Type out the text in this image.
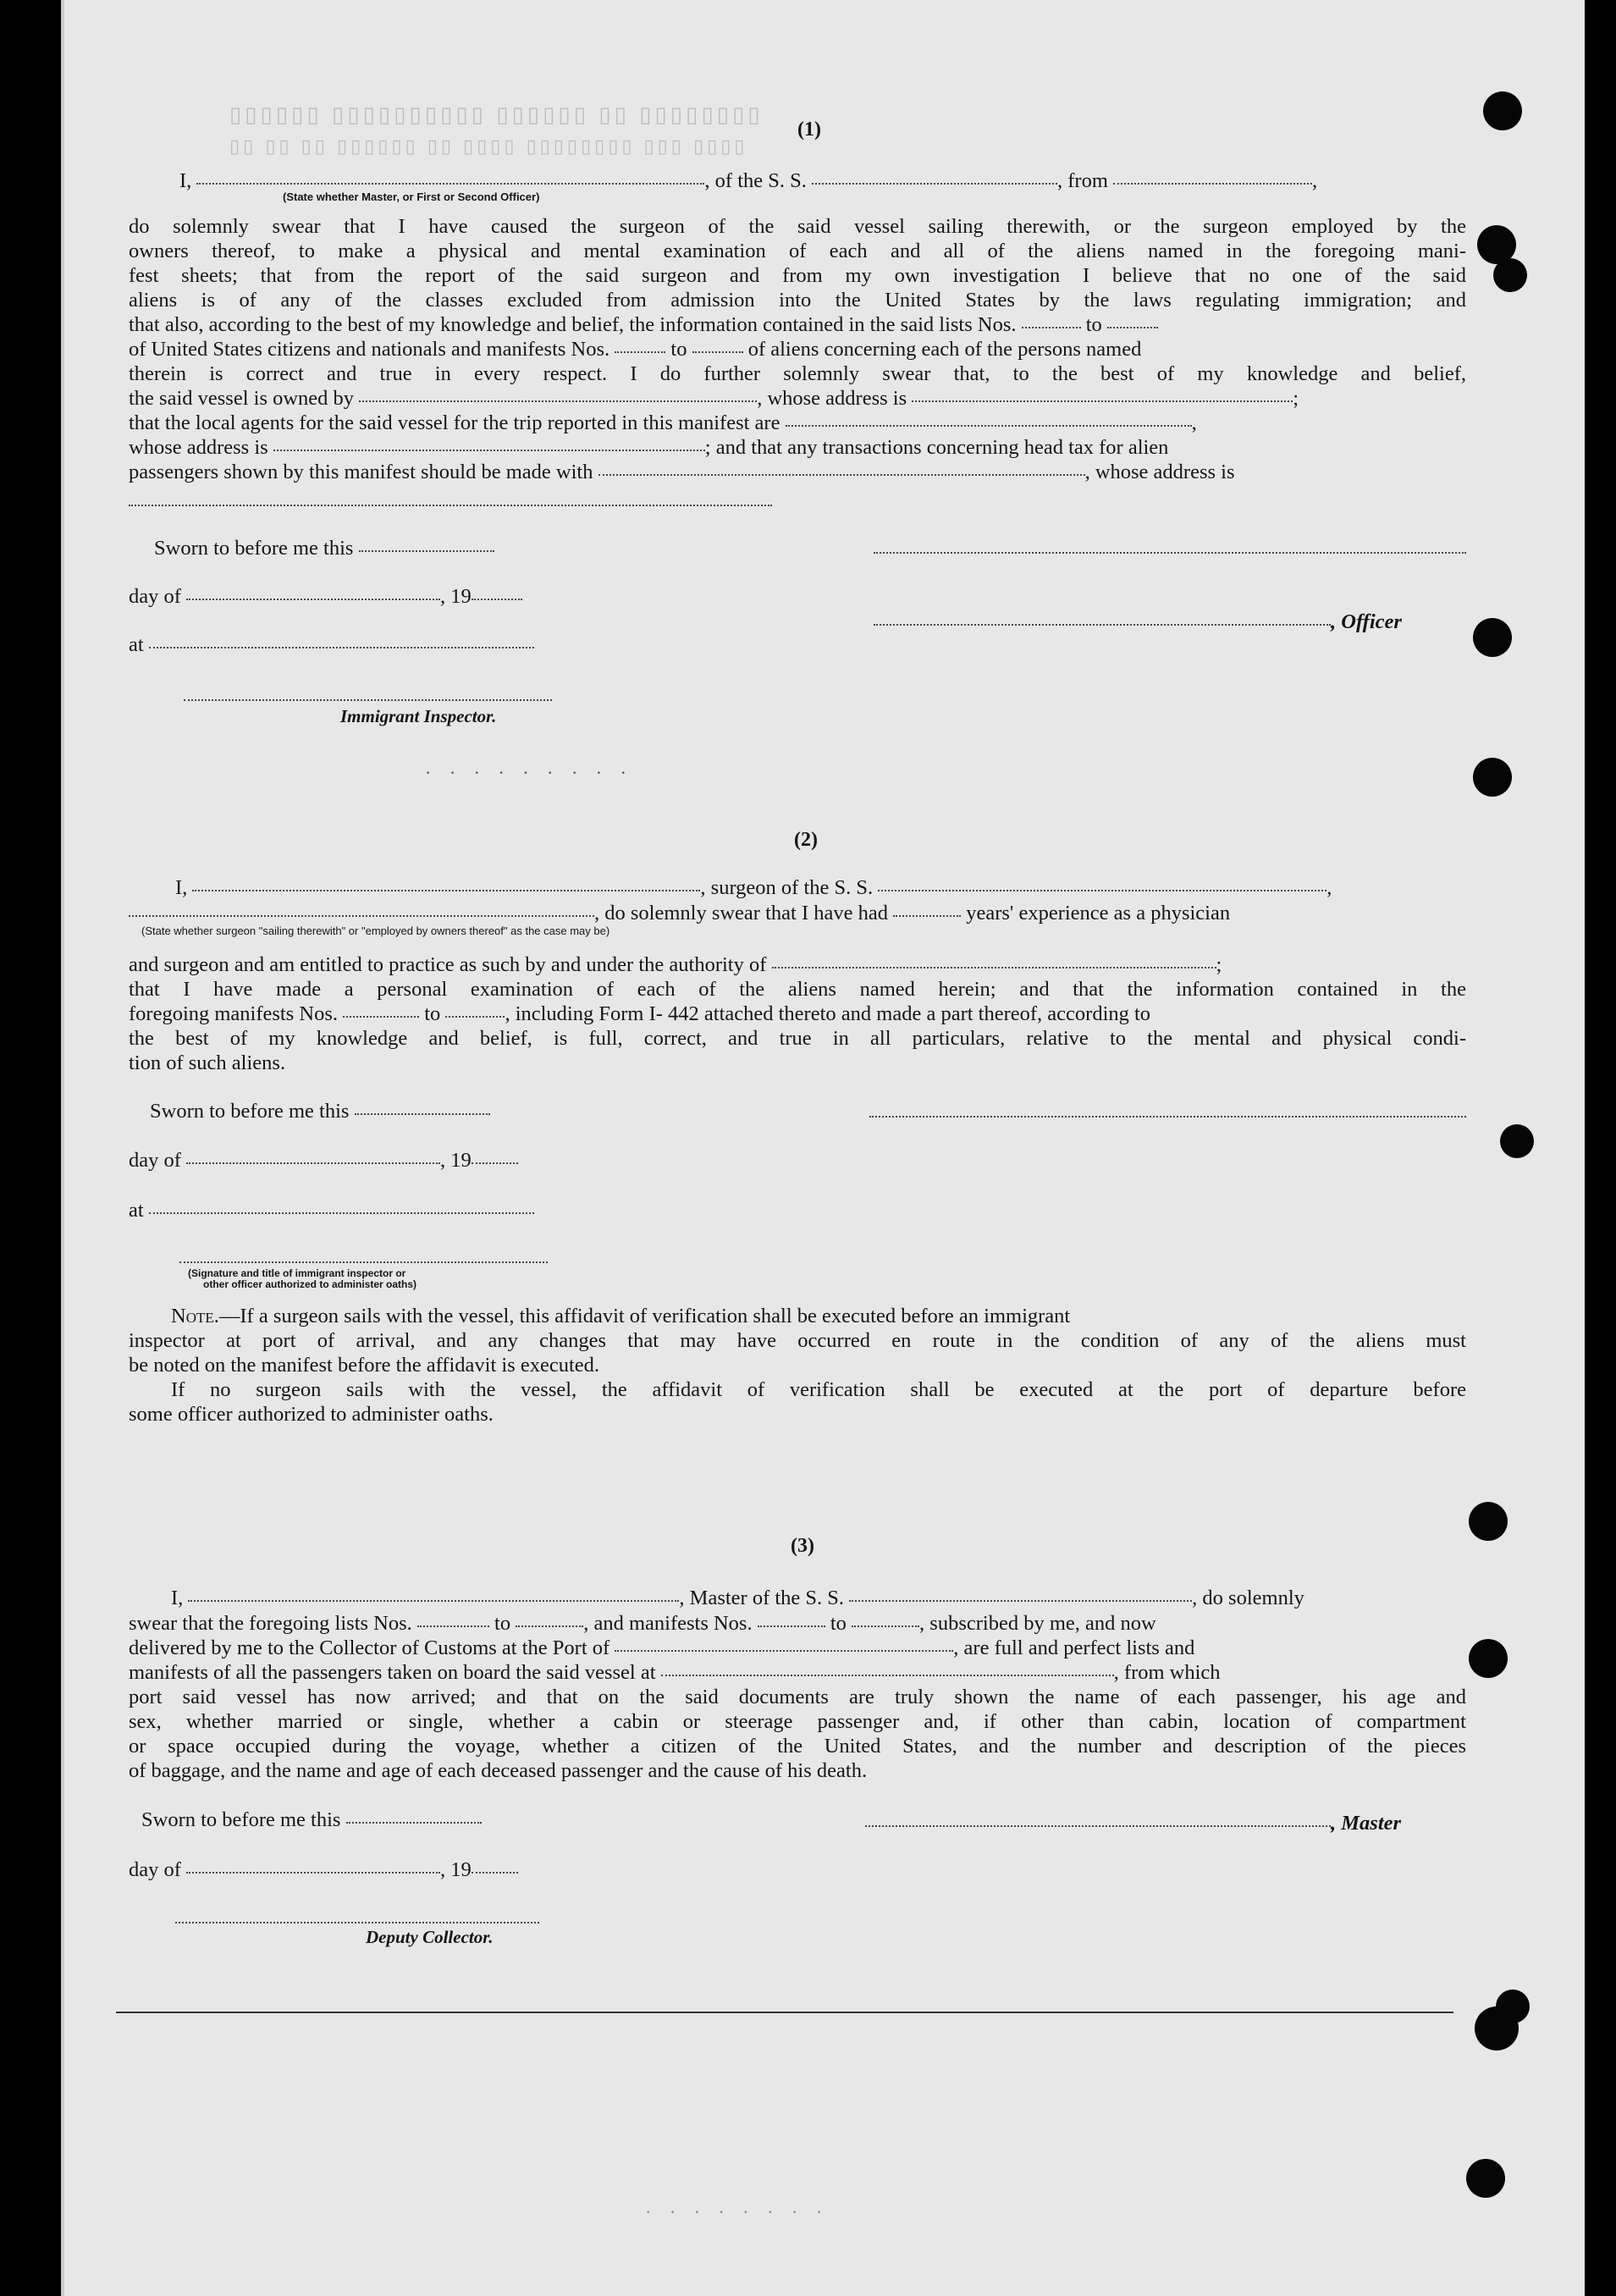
▯▯▯▯▯▯▯▯ ▯▯ ▯▯▯▯▯▯ ▯▯▯▯▯▯▯▯▯▯ ▯▯▯▯▯▯
▯▯▯▯ ▯▯▯ ▯▯▯▯▯▯▯▯ ▯▯▯▯ ▯▯ ▯▯▯▯▯▯ ▯▯ ▯▯ ▯▯
(1)
I,	, of the S. S.	, from	,
(State whether Master, or First or Second Officer)
do solemnly swear that I have caused the surgeon of the said vessel sailing therewith, or the surgeon employed by the
owners thereof, to make a physical and mental examination of each and all of the aliens named in the foregoing mani-
fest sheets; that from the report of the said surgeon and from my own investigation I believe that no one of the said
aliens is of any of the classes excluded from admission into the United States by the laws regulating immigration; and
that also, according to the best of my knowledge and belief, the information contained in the said lists Nos.	to
of United States citizens and nationals and manifests Nos.	to	of aliens concerning each of the persons named
therein is correct and true in every respect. I do further solemnly swear that, to the best of my knowledge and belief,
the said vessel is owned by	, whose address is	;
that the local agents for the said vessel for the trip reported in this manifest are	,
whose address is	; and that any transactions concerning head tax for alien
passengers shown by this manifest should be made with	, whose address is
Sworn to before me this
day of	, 19
at
, Officer
Immigrant Inspector.
· · · · · · · · ·
(2)
I,	, surgeon of the S. S.	,
, do solemnly swear that I have had	years' experience as a physician
(State whether surgeon "sailing therewith" or "employed by owners thereof" as the case may be)
and surgeon and am entitled to practice as such by and under the authority of	;
that I have made a personal examination of each of the aliens named herein; and that the information contained in the
foregoing manifests Nos.	to	, including Form I- 442 attached thereto and made a part thereof, according to
the best of my knowledge and belief, is full, correct, and true in all particulars, relative to the mental and physical condi-
tion of such aliens.
Sworn to before me this
day of	, 19
at
(Signature and title of immigrant inspector or
other officer authorized to administer oaths)
Note.—If a surgeon sails with the vessel, this affidavit of verification shall be executed before an immigrant
inspector at port of arrival, and any changes that may have occurred en route in the condition of any of the aliens must
be noted on the manifest before the affidavit is executed.
If no surgeon sails with the vessel, the affidavit of verification shall be executed at the port of departure before
some officer authorized to administer oaths.
(3)
I,	, Master of the S. S.	, do solemnly
swear that the foregoing lists Nos.	to	, and manifests Nos.	to	, subscribed by me, and now
delivered by me to the Collector of Customs at the Port of	, are full and perfect lists and
manifests of all the passengers taken on board the said vessel at	, from which
port said vessel has now arrived; and that on the said documents are truly shown the name of each passenger, his age and
sex, whether married or single, whether a cabin or steerage passenger and, if other than cabin, location of compartment
or space occupied during the voyage, whether a citizen of the United States, and the number and description of the pieces
of baggage, and the name and age of each deceased passenger and the cause of his death.
Sworn to before me this	, Master
day of	, 19
Deputy Collector.
· · · · · · · ·
